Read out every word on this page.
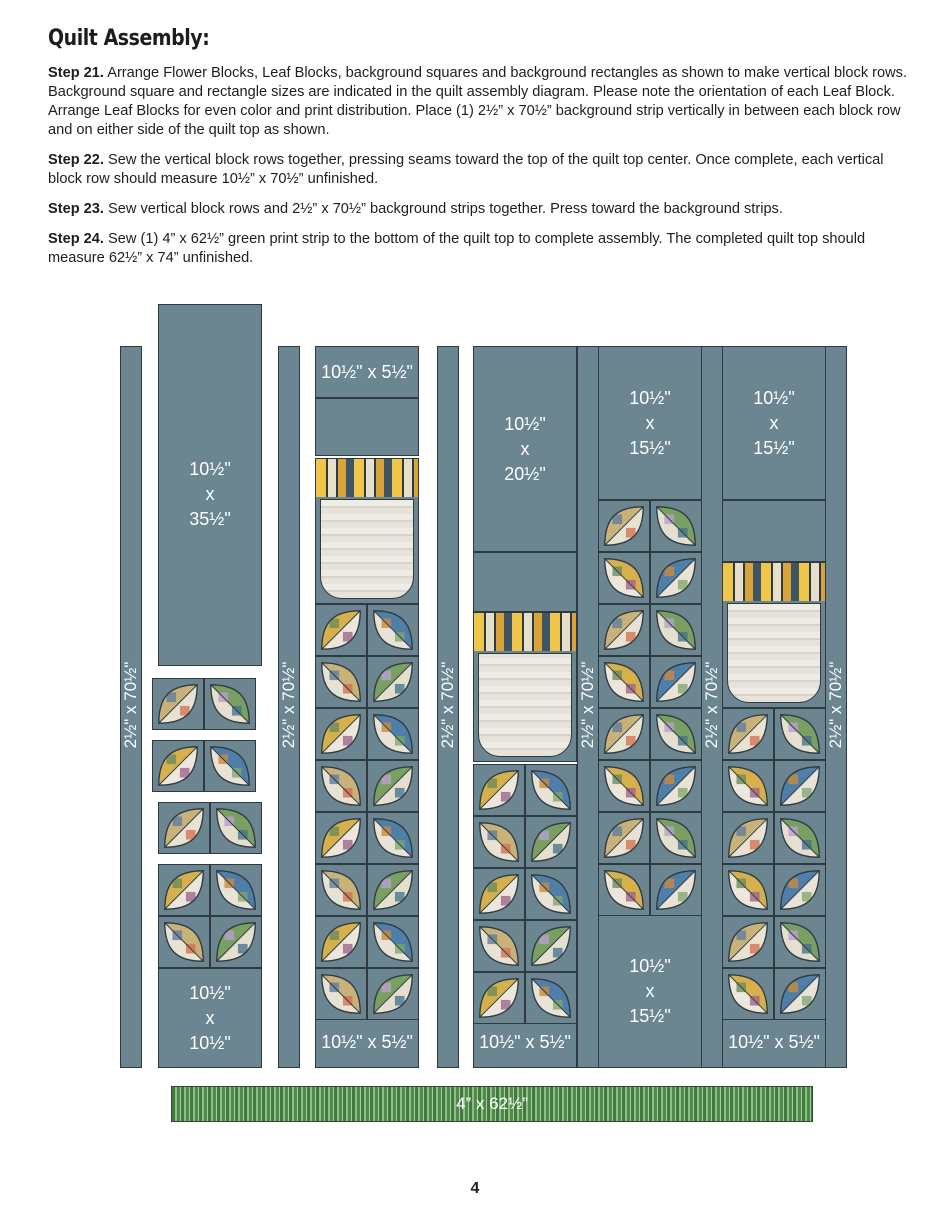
Quilt Assembly:

Step 21. Arrange Flower Blocks, Leaf Blocks, background squares and background rectangles as shown to make vertical block rows. Background square and rectangle sizes are indicated in the quilt assembly diagram. Please note the orientation of each Leaf Block. Arrange Leaf Blocks for even color and print distribution. Place (1) 2½” x 70½” background strip vertically in between each block row and on either side of the quilt top as shown.

Step 22. Sew the vertical block rows together, pressing seams toward the top of the quilt top center. Once complete, each vertical block row should measure 10½” x 70½” unfinished.

Step 23. Sew vertical block rows and 2½” x 70½” background strips together. Press toward the background strips.

Step 24. Sew (1) 4” x 62½” green print strip to the bottom of the quilt top to complete assembly. The completed quilt top should measure 62½” x 74” unfinished.

2½" x 70½"	2½" x 70½"	2½" x 70½"	2½" x 70½"	2½" x 70½"	2½" x 70½"
10½"
x
35½"
10½"
x
10½"
10½" x 5½"
10½" x 5½"
10½"
x
20½"
10½" x 5½"
10½"
x
15½"
10½"
x
15½"
10½"
x
15½"
10½" x 5½"
4” x 62½”
4
